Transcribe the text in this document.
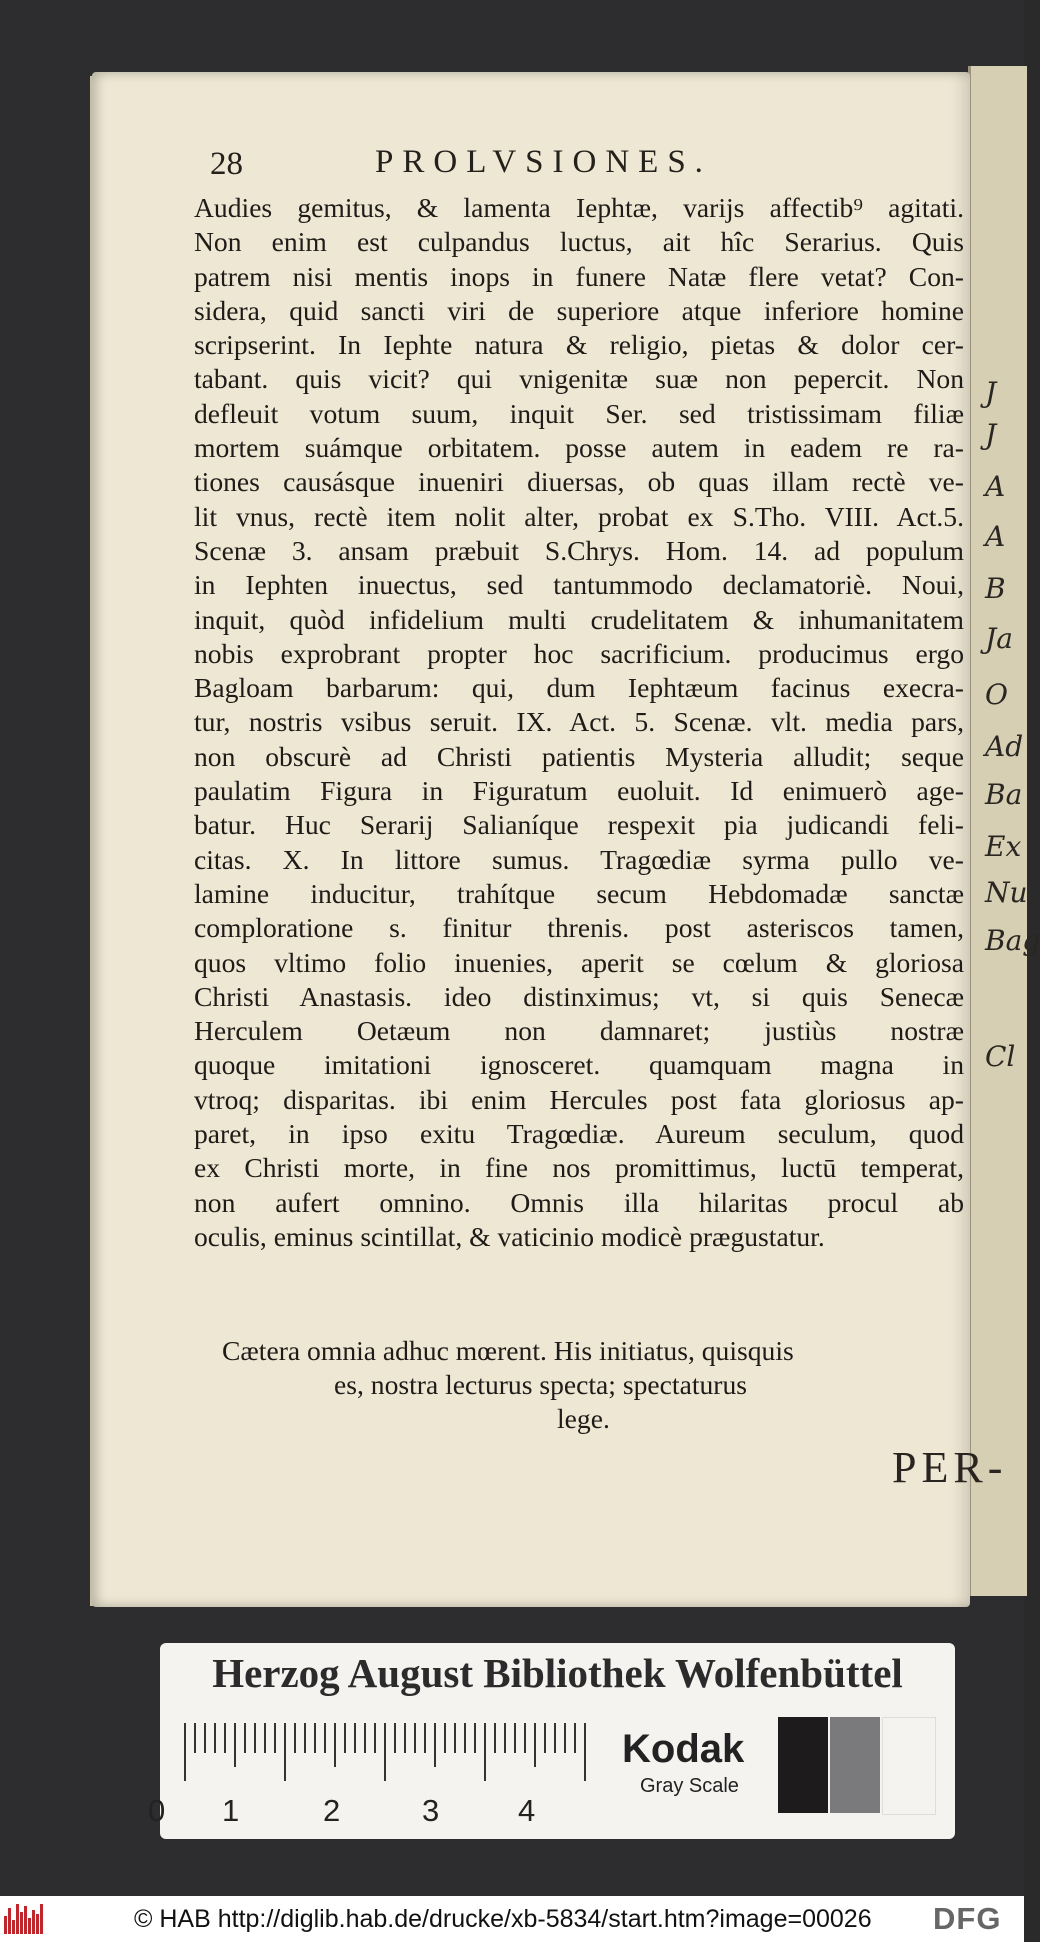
J
J
A
A
B
Ja
O
Ad
Ba
Ex
Nu
Bag
Cl
28	PROLVSIONES.
Audies gemitus, & lamenta Iephtæ, varijs affectib⁹ agitati.
Non enim est culpandus luctus, ait hîc Serarius. Quis
patrem nisi mentis inops in funere Natæ flere vetat? Con-
sidera, quid sancti viri de superiore atque inferiore homine
scripserint. In Iephte natura & religio, pietas & dolor cer-
tabant. quis vicit? qui vnigenitæ suæ non pepercit. Non
defleuit votum suum, inquit Ser. sed tristissimam filiæ
mortem suámque orbitatem. posse autem in eadem re ra-
tiones causásque inueniri diuersas, ob quas illam rectè ve-
lit vnus, rectè item nolit alter, probat ex S.Tho. VIII. Act.5.
Scenæ 3. ansam præbuit S.Chrys. Hom. 14. ad populum
in Iephten inuectus, sed tantummodo declamatoriè. Noui,
inquit, quòd infidelium multi crudelitatem & inhumanitatem
nobis exprobrant propter hoc sacrificium. producimus ergo
Bagloam barbarum: qui, dum Iephtæum facinus execra-
tur, nostris vsibus seruit. IX. Act. 5. Scenæ. vlt. media pars,
non obscurè ad Christi patientis Mysteria alludit; seque
paulatim Figura in Figuratum euoluit. Id enimuerò age-
batur. Huc Serarij Salianíque respexit pia judicandi feli-
citas. X. In littore sumus. Tragœdiæ syrma pullo ve-
lamine inducitur, trahítque secum Hebdomadæ sanctæ
comploratione s. finitur threnis. post asteriscos tamen,
quos vltimo folio inuenies, aperit se cœlum & gloriosa
Christi Anastasis. ideo distinximus; vt, si quis Senecæ
Herculem Oetæum non damnaret; justiùs nostræ
quoque imitationi ignosceret. quamquam magna in
vtroq; disparitas. ibi enim Hercules post fata gloriosus ap-
paret, in ipso exitu Tragœdiæ. Aureum seculum, quod
ex Christi morte, in fine nos promittimus, luctū temperat,
non aufert omnino. Omnis illa hilaritas procul ab
oculis, eminus scintillat, & vaticinio modicè prægustatur.
Cætera omnia adhuc mœrent. His initiatus, quisquis
es, nostra lecturus specta; spectaturus
lege.
PER-
Herzog August Bibliothek Wolfenbüttel
0 1	2	3	4
Kodak
Gray Scale
© HAB http://diglib.hab.de/drucke/xb-5834/start.htm?image=00026 DFG
